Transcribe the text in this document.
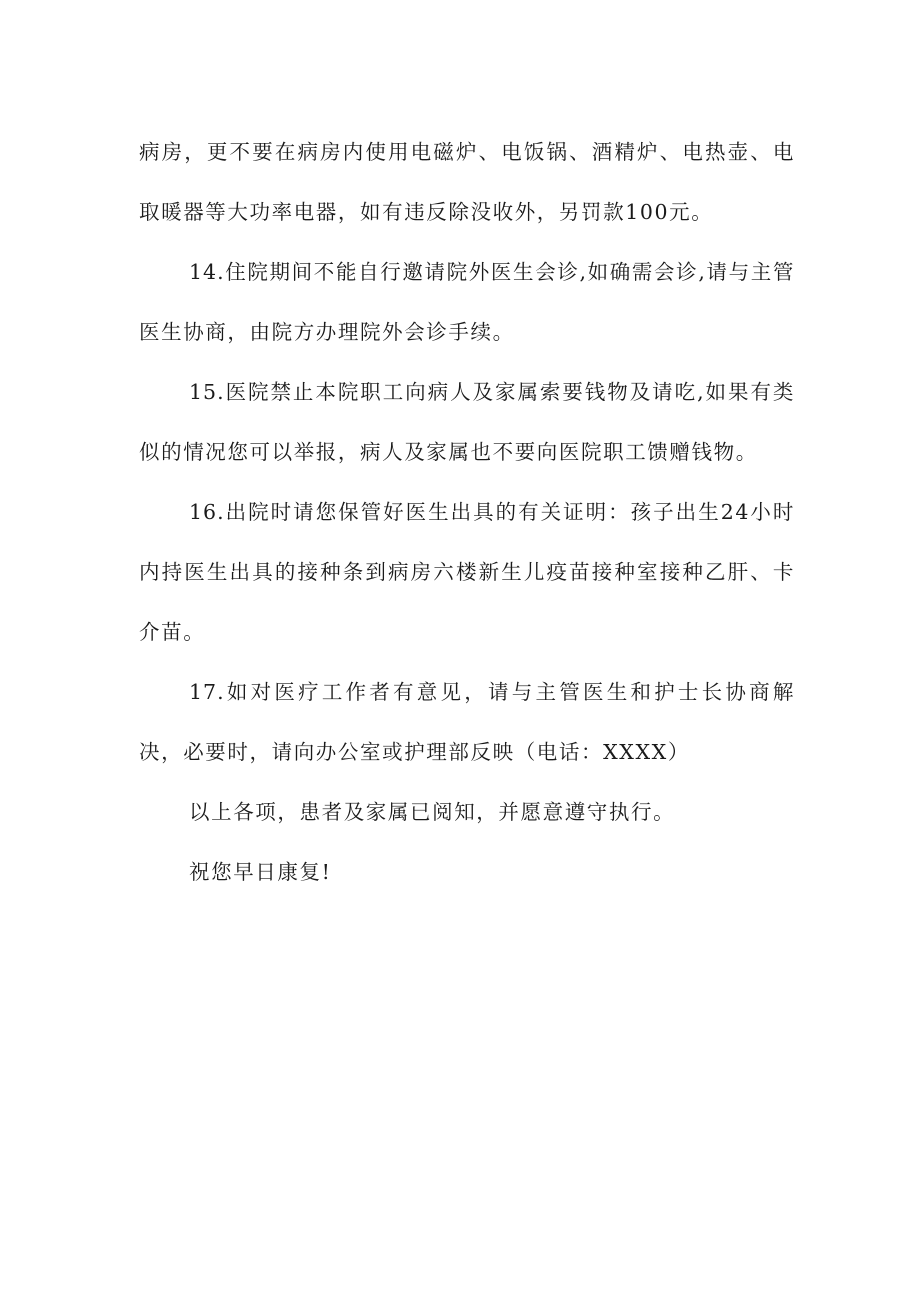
病房，更不要在病房内使用电磁炉、电饭锅、酒精炉、电热壶、电取暖器等大功率电器，如有违反除没收外，另罚款100元。

14.住院期间不能自行邀请院外医生会诊,如确需会诊,请与主管医生协商，由院方办理院外会诊手续。

15.医院禁止本院职工向病人及家属索要钱物及请吃,如果有类似的情况您可以举报，病人及家属也不要向医院职工馈赠钱物。

16.出院时请您保管好医生出具的有关证明：孩子出生24小时内持医生出具的接种条到病房六楼新生儿疫苗接种室接种乙肝、卡介苗。

17.如对医疗工作者有意见，请与主管医生和护士长协商解决，必要时，请向办公室或护理部反映（电话：XXXX）

以上各项，患者及家属已阅知，并愿意遵守执行。

祝您早日康复!
